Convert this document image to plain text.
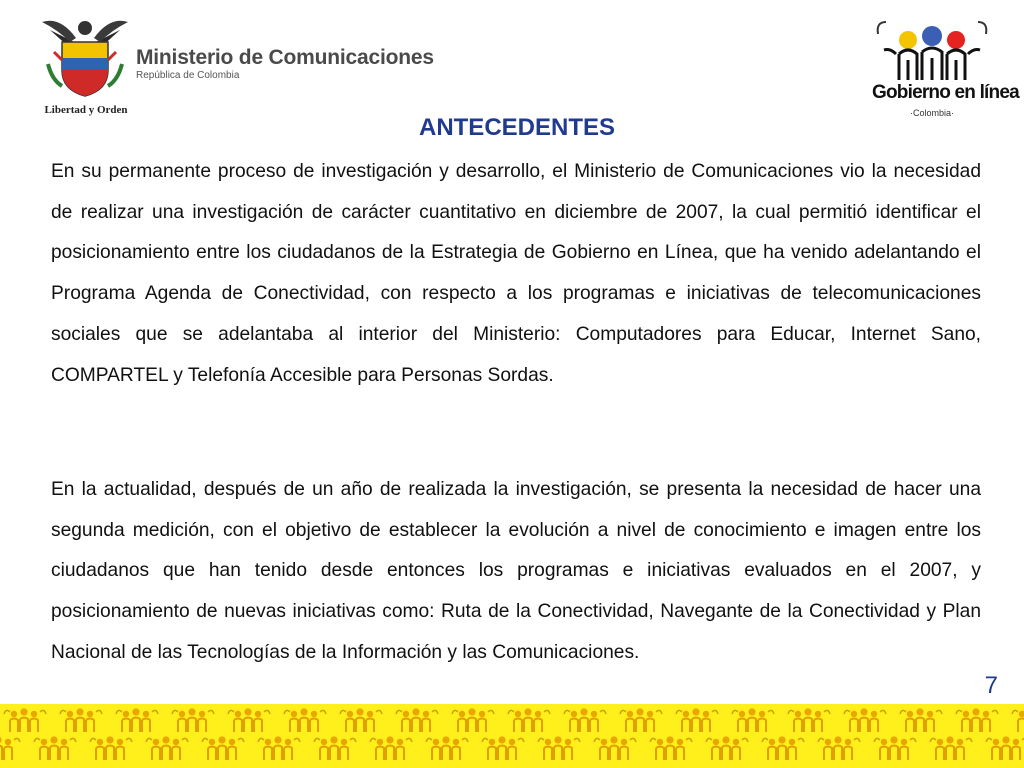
Libertad y Orden
Ministerio de Comunicaciones
República de Colombia
Gobierno en línea
·Colombia·
ANTECEDENTES

En su permanente proceso de investigación y desarrollo, el Ministerio de Comunicaciones vio la necesidad de realizar una investigación de carácter cuantitativo en diciembre de 2007, la cual permitió identificar el posicionamiento entre los ciudadanos de la Estrategia de Gobierno en Línea, que ha venido adelantando el Programa Agenda de Conectividad, con respecto a los programas e iniciativas de telecomunicaciones sociales que se adelantaba al interior del Ministerio: Computadores para Educar, Internet Sano, COMPARTEL y Telefonía Accesible para Personas Sordas.

En la actualidad, después de un año de realizada la investigación, se presenta la necesidad de hacer una segunda medición, con el objetivo de establecer la evolución a nivel de conocimiento e imagen entre los ciudadanos que han tenido desde entonces los programas e iniciativas evaluados en el 2007, y posicionamiento de nuevas iniciativas como: Ruta de la Conectividad, Navegante de la Conectividad y Plan Nacional de las Tecnologías de la Información y las Comunicaciones.

7
